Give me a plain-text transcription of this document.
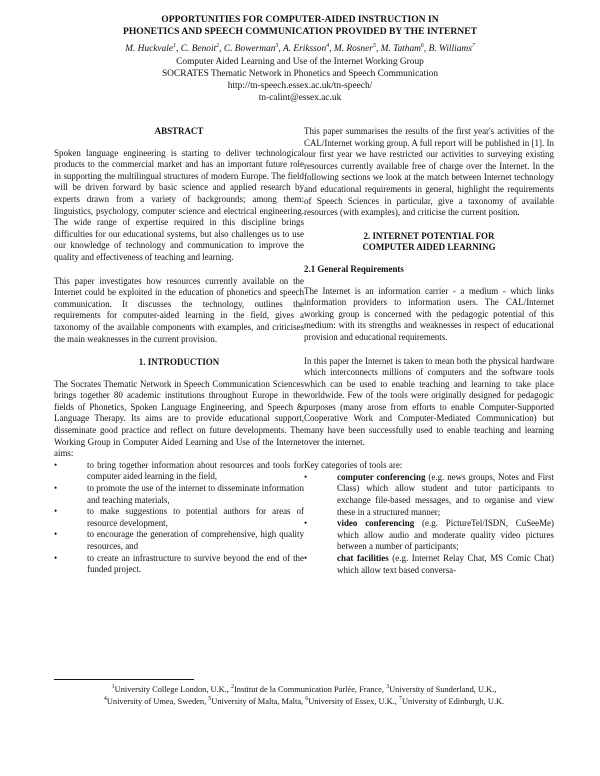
OPPORTUNITIES FOR COMPUTER-AIDED INSTRUCTION IN
PHONETICS AND SPEECH COMMUNICATION PROVIDED BY THE INTERNET
M. Huckvale$^1$, C. Benoit$^2$, C. Bowerman$^3$, A. Eriksson$^4$, M. Rosner$^5$, M. Tatham$^6$, B. Williams$^7$
Computer Aided Learning and Use of the Internet Working Group
SOCRATES Thematic Network in Phonetics and Speech Communication
http://tn-speech.essex.ac.uk/tn-speech/
tn-calint@essex.ac.uk
ABSTRACT

Spoken language engineering is starting to deliver technological products to the commercial market and has an important future role in supporting the multilingual structures of modern Europe. The field will be driven forward by basic science and applied research by experts drawn from a variety of backgrounds; among them: linguistics, psychology, computer science and electrical engineering. The wide range of expertise required in this discipline brings difficulties for our educational systems, but also challenges us to use our knowledge of technology and communication to improve the quality and effectiveness of teaching and learning.

This paper investigates how resources currently available on the Internet could be exploited in the education of phonetics and speech communication. It discusses the technology, outlines the requirements for computer-aided learning in the field, gives a taxonomy of the available components with examples, and criticises the main weaknesses in the current provision.

1. INTRODUCTION

The Socrates Thematic Network in Speech Communication Sciences brings together 80 academic institutions throughout Europe in the fields of Phonetics, Spoken Language Engineering, and Speech & Language Therapy. Its aims are to provide educational support, disseminate good practice and reflect on future developments. The Working Group in Computer Aided Learning and Use of the Internet aims:

• to bring together information about resources and tools for computer aided learning in the field,
• to promote the use of the internet to disseminate information and teaching materials,
• to make suggestions to potential authors for areas of resource development,
• to encourage the generation of comprehensive, high quality resources, and
• to create an infrastructure to survive beyond the end of the funded project.

This paper summarises the results of the first year's activities of the CAL/Internet working group. A full report will be published in [1]. In our first year we have restricted our activities to surveying existing resources currently available free of charge over the Internet. In the following sections we look at the match between Internet technology and educational requirements in general, highlight the requirements of Speech Sciences in particular, give a taxonomy of available resources (with examples), and criticise the current position.

2. INTERNET POTENTIAL FOR
COMPUTER AIDED LEARNING
2.1 General Requirements

The Internet is an information carrier - a medium - which links information providers to information users. The CAL/Internet working group is concerned with the pedagogic potential of this medium: with its strengths and weaknesses in respect of educational provision and educational requirements.

In this paper the Internet is taken to mean both the physical hardware which interconnects millions of computers and the software tools which can be used to enable teaching and learning to take place worldwide. Few of the tools were originally designed for pedagogic purposes (many arose from efforts to enable Computer-Supported Cooperative Work and Computer-Mediated Communication) but many have been successfully used to enable teaching and learning over the internet.

Key categories of tools are:

• computer conferencing (e.g. news groups, Notes and First Class) which allow student and tutor participants to exchange file-based messages, and to organise and view these in a structured manner;
• video conferencing (e.g. PictureTel/ISDN, CuSeeMe) which allow audio and moderate quality video pictures between a number of participants;
• chat facilities (e.g. Internet Relay Chat, MS Comic Chat) which allow text based conversa-
$^1$University College London, U.K., $^2$Institut de la Communication Parlée, France, $^3$University of Sunderland, U.K.,
$^4$University of Umea, Sweden, $^5$University of Malta, Malta, $^6$University of Essex, U.K., $^7$University of Edinburgh, U.K.
